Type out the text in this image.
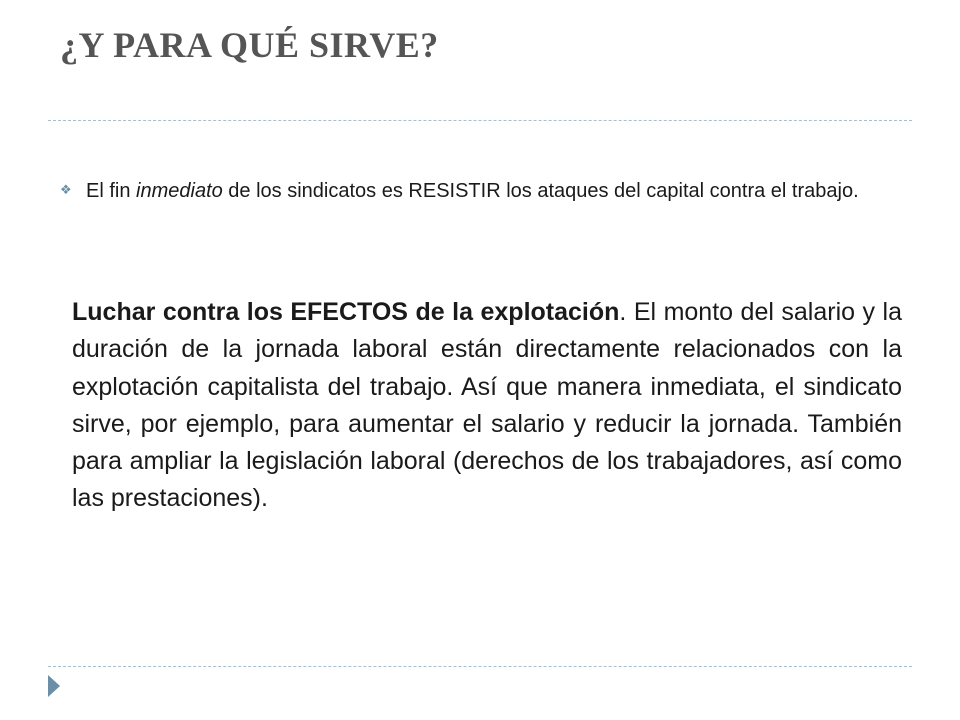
¿Y PARA QUÉ SIRVE?
❖ El fin inmediato de los sindicatos es RESISTIR los ataques del capital contra el trabajo.

Luchar contra los EFECTOS de la explotación. El monto del salario y la duración de la jornada laboral están directamente relacionados con la explotación capitalista del trabajo. Así que manera inmediata, el sindicato sirve, por ejemplo, para aumentar el salario y reducir la jornada. También para ampliar la legislación laboral (derechos de los trabajadores, así como las prestaciones).
